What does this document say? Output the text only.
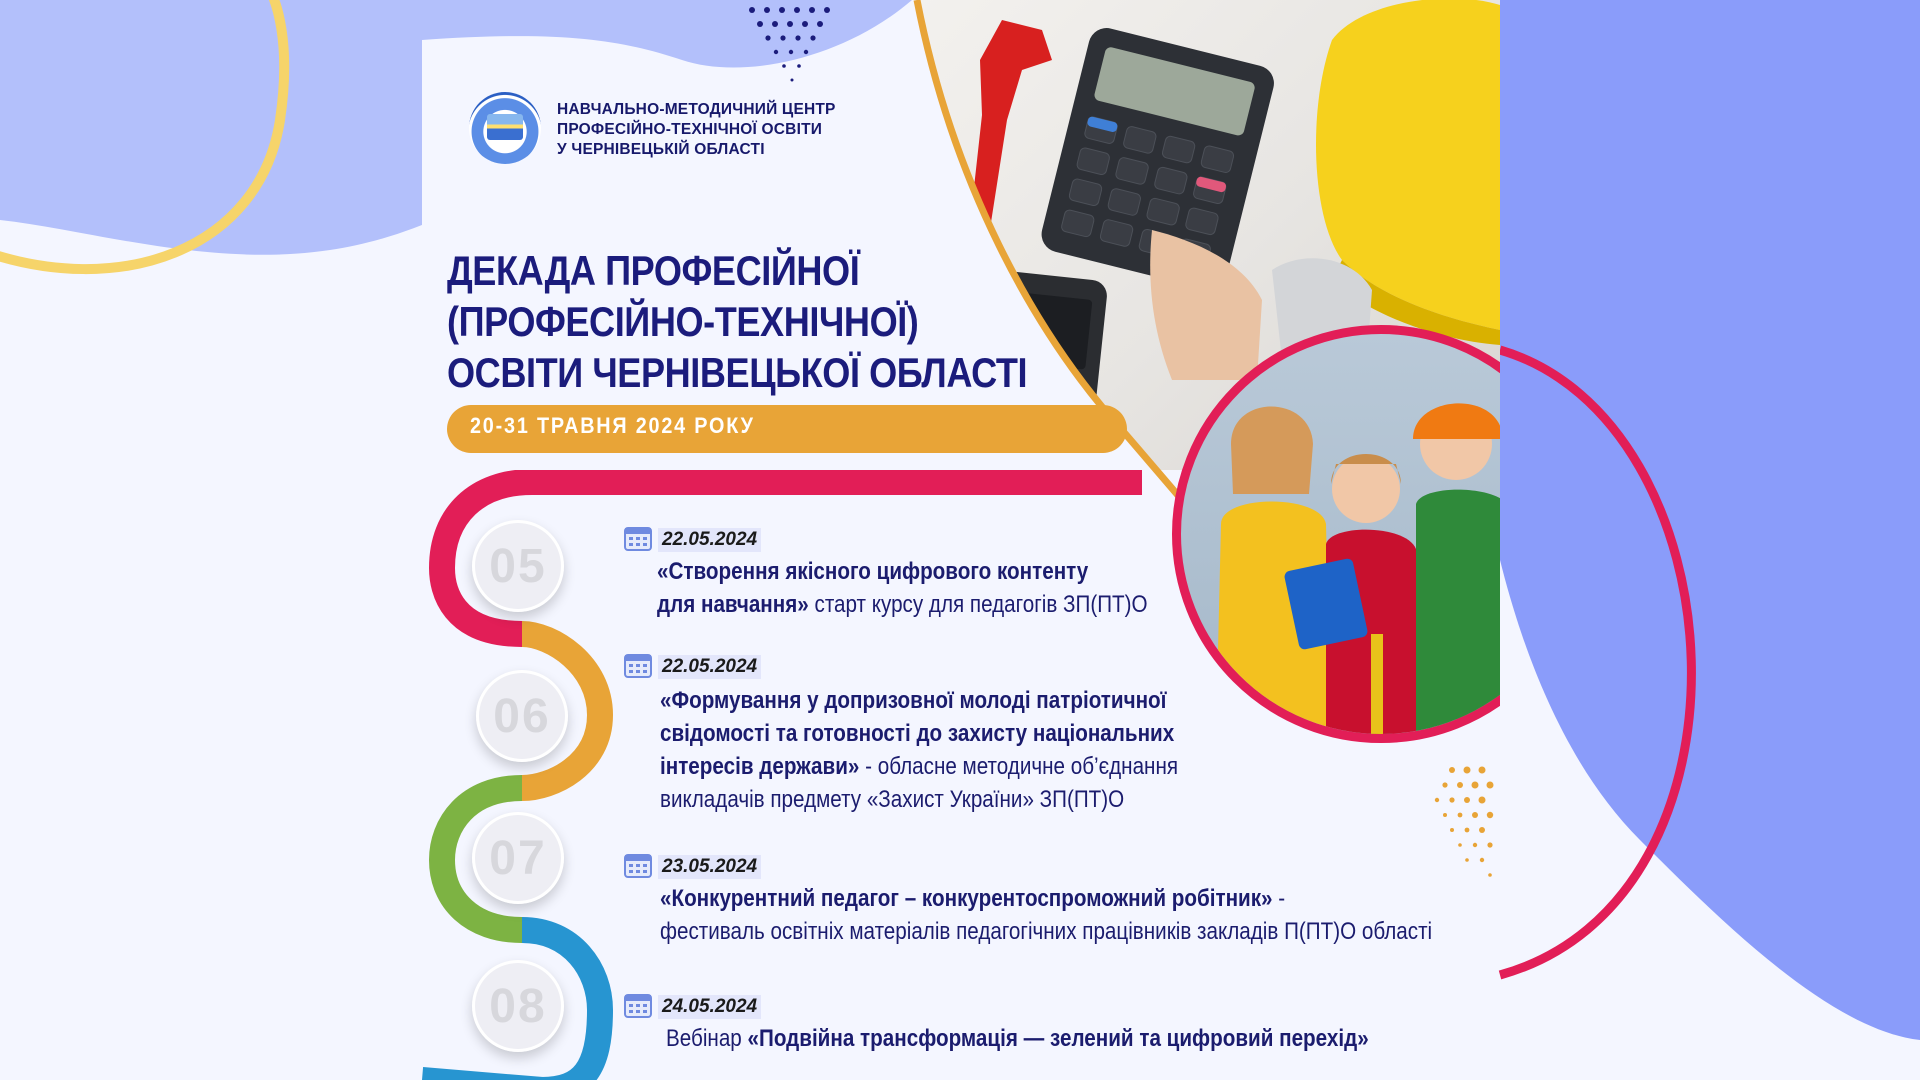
НАВЧАЛЬНО-МЕТОДИЧНИЙ ЦЕНТР
ПРОФЕСІЙНО-ТЕХНІЧНОЇ ОСВІТИ
У ЧЕРНІВЕЦЬКІЙ ОБЛАСТІ
ДЕКАДА ПРОФЕСІЙНОЇ
(ПРОФЕСІЙНО-ТЕХНІЧНОЇ)
ОСВІТИ ЧЕРНІВЕЦЬКОЇ ОБЛАСТІ
20-31 ТРАВНЯ 2024 РОКУ
05
06
07
08
22.05.2024
«Створення якісного цифрового контенту
для навчання» старт курсу для педагогів ЗП(ПТ)О
22.05.2024
«Формування у допризовної молоді патріотичної
свідомості та готовності до захисту національних
інтересів держави» - обласне методичне об’єднання
викладачів предмету «Захист України» ЗП(ПТ)О
23.05.2024
«Конкурентний педагог – конкурентоспроможний робітник» -
фестиваль освітніх матеріалів педагогічних працівників закладів П(ПТ)О області
24.05.2024
Вебінар «Подвійна трансформація — зелений та цифровий перехід»
